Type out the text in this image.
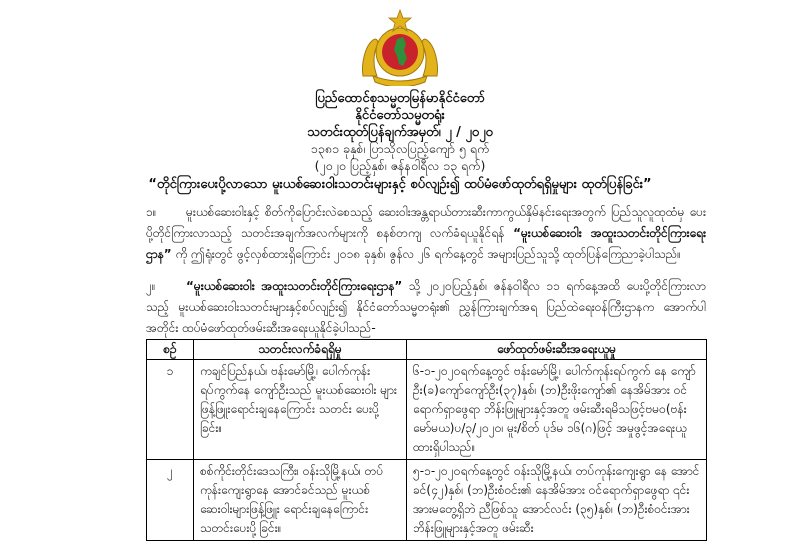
ပြည်ထောင်စုသမ္မတမြန်မာနိုင်ငံတော်
နိုင်ငံတော်သမ္မတရုံး
သတင်းထုတ်ပြန်ချက်အမှတ်၊ ၂ / ၂၀၂၀
၁၃၈၁ ခုနှစ်၊ ပြာသိုလပြည့်ကျော် ၅ ရက်
(၂၀၂၀ ပြည့်နှစ်၊ ဇန်နဝါရီလ ၁၃ ရက်)
“တိုင်ကြားပေးပို့လာသော မူးယစ်ဆေးဝါးသတင်းများနှင့် စပ်လျဉ်း၍ ထပ်မံဖော်ထုတ်ရရှိမှုများ ထုတ်ပြန်ခြင်း”
၁။ မူးယစ်ဆေးဝါးနှင့် စိတ်ကိုပြောင်းလဲစေသည့် ဆေးဝါးအန္တရာယ်တားဆီးကာကွယ်နှိမ်နင်းရေးအတွက် ပြည်သူလူထုထံမှ ပေးပို့တိုင်ကြားလာသည့် သတင်းအချက်အလက်များကို စနစ်တကျ လက်ခံရယူနိုင်ရန် “မူးယစ်ဆေးဝါး အထူးသတင်းတိုင်ကြားရေးဌာန” ကို ဤရုံးတွင် ဖွင့်လှစ်ထားရှိကြောင်း ၂၀၁၈ ခုနှစ်၊ ဇွန်လ ၂၆ ရက်နေ့တွင် အများပြည်သူသို့ ထုတ်ပြန်ကြေညာခဲ့ပါသည်။
၂။	“မူးယစ်ဆေးဝါး အထူးသတင်းတိုင်ကြားရေးဌာန” သို့ ၂၀၂၀ပြည့်နှစ်၊ ဇန်နဝါရီလ ၁၁ ရက်နေ့အထိ ပေးပို့တိုင်ကြားလာသည့် မူးယစ်ဆေးဝါးသတင်းများနှင့်စပ်လျဉ်း၍ နိုင်ငံတော်သမ္မတရုံး၏ ညွှန်ကြားချက်အရ ပြည်ထဲရေးဝန်ကြီးဌာနက အောက်ပါအတိုင်း ထပ်မံဖော်ထုတ်ဖမ်းဆီးအရေးယူနိုင်ခဲ့ပါသည်-
စဉ်	သတင်းလက်ခံရရှိမှု	ဖော်ထုတ်ဖမ်းဆီးအရေးယူမှု
၁	ကချင်ပြည်နယ်၊ ဗန်းမော်မြို့၊ ပေါက်ကုန်း ရပ်ကွက်နေ ကျော်ဦးသည် မူးယစ်ဆေးဝါး များ ဖြန့်ဖြူးရောင်းချနေကြောင်း သတင်း ပေးပို့ခြင်း။	၆-၁-၂၀၂၀ရက်နေ့တွင် ဗန်းမော်မြို့၊ ပေါက်ကုန်းရပ်ကွက် နေ ကျော်ဦး(ခ)ကျော်ကျော်ဦး(၃၇)နှစ်၊ (ဘ)ဦးဖိုးကျော်၏ နေအိမ်အား ဝင်ရောက်ရှာဖွေရာ ဘိန်းဖြူများနှင့်အတူ ဖမ်းဆီးရမိသဖြင့်ဗမဝ(ဗန်းမော်မယ)ပ/၃/၂၀၂၀၊ မူး/စိတ် ပုဒ်မ ၁၆(ဂ)ဖြင့် အမှုဖွင့်အရေးယူထားရှိပါသည်။
၂	စစ်ကိုင်းတိုင်းဒေသကြီး၊ ဝန်းသိုမြို့နယ်၊ တပ်ကုန်းကျေးရွာနေ အောင်ခင်သည် မူးယစ် ဆေးဝါးများဖြန့်ဖြူး ရောင်းချနေကြောင်း သတင်းပေးပို့ခြင်း။	၅-၁-၂၀၂၀ရက်နေ့တွင် ဝန်းသိုမြို့နယ်၊ တပ်ကုန်းကျေးရွာ နေ အောင်ခင်(၄၂)နှစ်၊ (ဘ)ဦးစံဝင်း၏ နေအိမ်အား ဝင်ရောက်ရှာဖွေရာ ၎င်းအားမတွေ့ရှိဘဲ ညီဖြစ်သူ အောင်လင်း (၃၅)နှစ်၊ (ဘ)ဦးစံဝင်းအား ဘိန်းဖြူများနှင့်အတူ ဖမ်းဆီး
